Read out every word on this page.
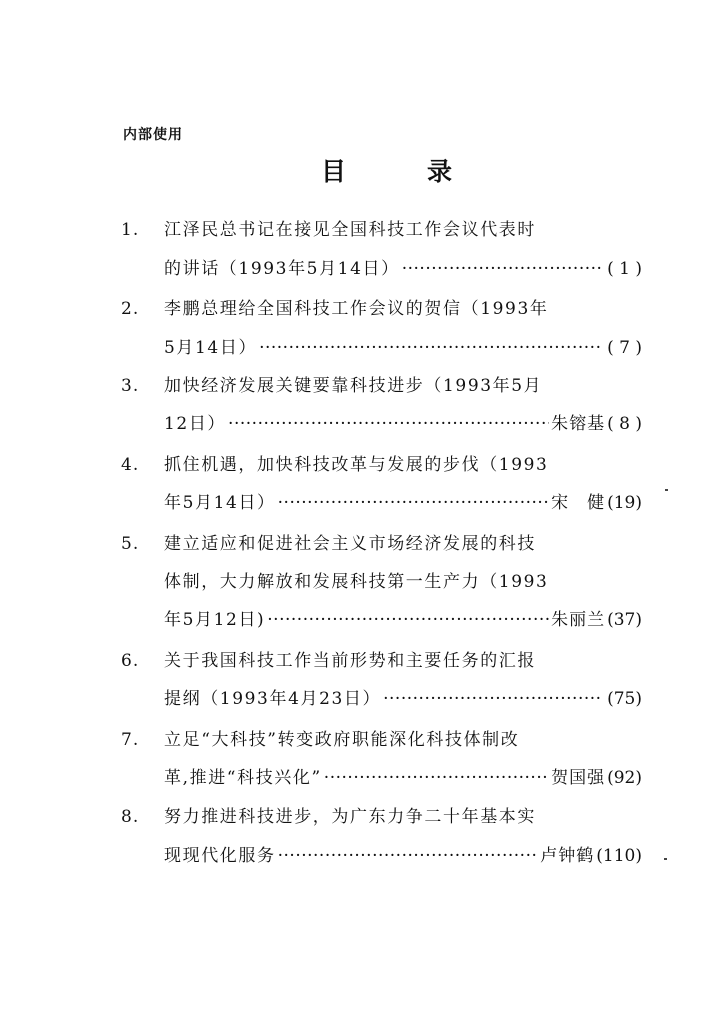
内部使用
目	录
1. 江泽民总书记在接见全国科技工作会议代表时
的讲话（1993年5月14日） ·····	( 1 )
2. 李鹏总理给全国科技工作会议的贺信（1993年
5月14日） ·····	( 7 )
3. 加快经济发展关键要靠科技进步（1993年5月
12日） ·····	朱镕基 ( 8 )
4. 抓住机遇，加快科技改革与发展的步伐（1993
年5月14日） ·····	宋　健 (19)
5. 建立适应和促进社会主义市场经济发展的科技
体制，大力解放和发展科技第一生产力（1993
年5月12日) ·····	朱丽兰 (37)
6. 关于我国科技工作当前形势和主要任务的汇报
提纲（1993年4月23日） ·····	(75)
7. 立足“大科技”转变政府职能深化科技体制改
革,推进“科技兴化” ·····	贺国强 (92)
8. 努力推进科技进步，为广东力争二十年基本实
现现代化服务 ·····	卢钟鹤 (110)
